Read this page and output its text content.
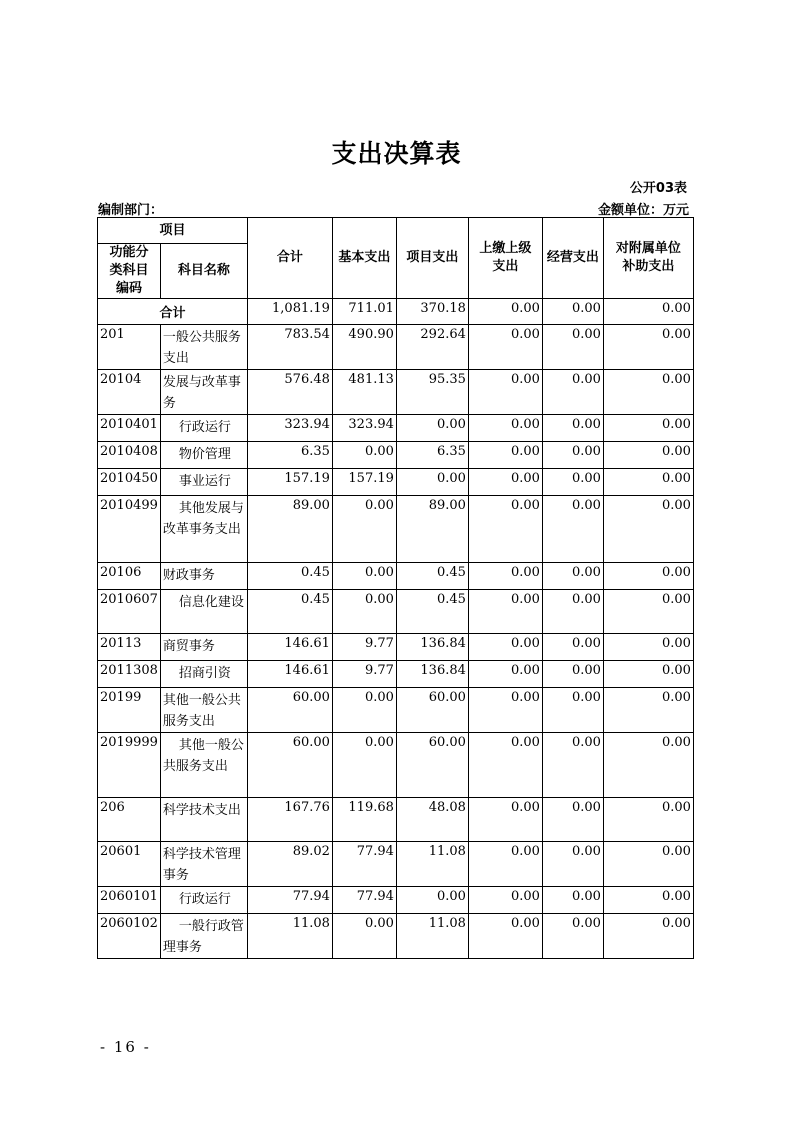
支出决算表
公开03表
编制部门：	金额单位：万元
项目		合计	基本支出	项目支出	上缴上级支出	经营支出	对附属单位补助支出
功能分类科目编码	科目名称						
合计		1,081.19	711.01	370.18	0.00	0.00	0.00
201	一般公共服务支出	783.54	490.90	292.64	0.00	0.00	0.00
20104	发展与改革事务	576.48	481.13	95.35	0.00	0.00	0.00
2010401	行政运行	323.94	323.94	0.00	0.00	0.00	0.00
2010408	物价管理	6.35	0.00	6.35	0.00	0.00	0.00
2010450	事业运行	157.19	157.19	0.00	0.00	0.00	0.00
2010499	其他发展与改革事务支出	89.00	0.00	89.00	0.00	0.00	0.00
20106	财政事务	0.45	0.00	0.45	0.00	0.00	0.00
2010607	信息化建设	0.45	0.00	0.45	0.00	0.00	0.00
20113	商贸事务	146.61	9.77	136.84	0.00	0.00	0.00
2011308	招商引资	146.61	9.77	136.84	0.00	0.00	0.00
20199	其他一般公共服务支出	60.00	0.00	60.00	0.00	0.00	0.00
2019999	其他一般公共服务支出	60.00	0.00	60.00	0.00	0.00	0.00
206	科学技术支出	167.76	119.68	48.08	0.00	0.00	0.00
20601	科学技术管理事务	89.02	77.94	11.08	0.00	0.00	0.00
2060101	行政运行	77.94	77.94	0.00	0.00	0.00	0.00
2060102	一般行政管理事务	11.08	0.00	11.08	0.00	0.00	0.00
- 16 -
